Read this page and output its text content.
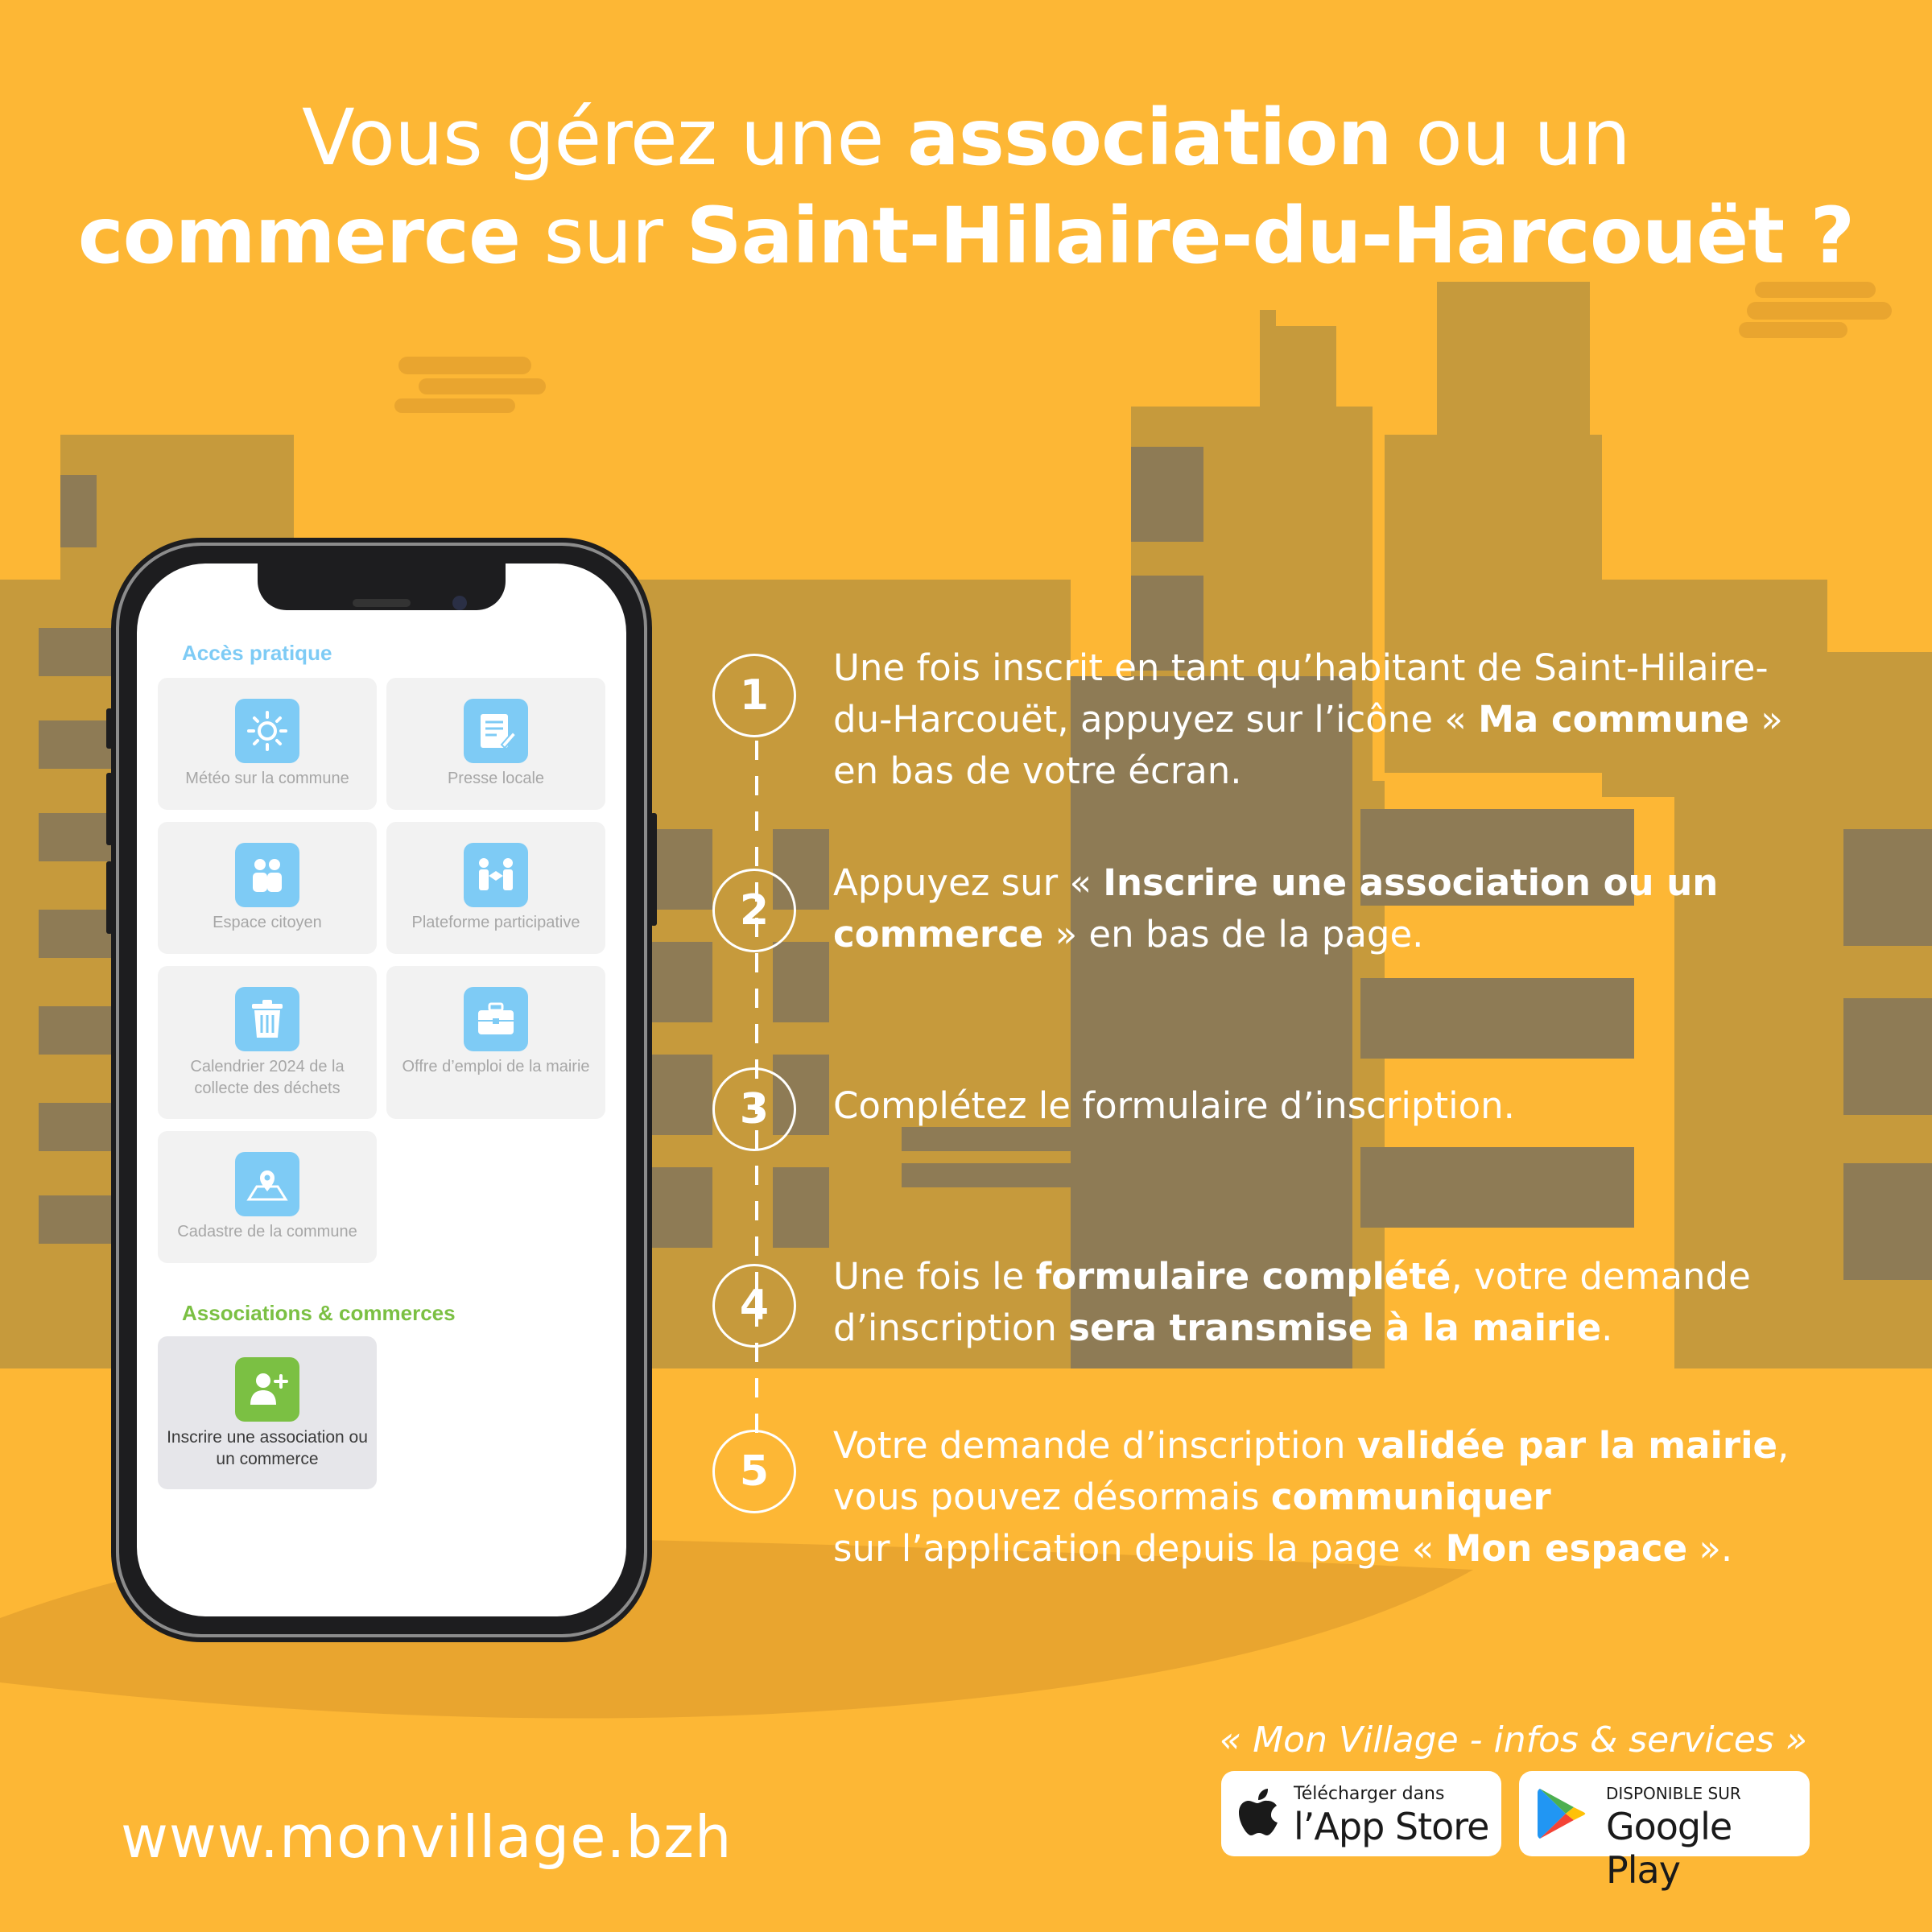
Vous gérez une association ou un
commerce sur Saint-Hilaire-du-Harcouët ?
Accès pratique
Météo sur la commune	Presse locale
Espace citoyen	Plateforme participative
Calendrier 2024 de la collecte des déchets
Offre d’emploi de la mairie
Cadastre de la commune
Associations & commerces
Inscrire une association ou un commerce
1
Une fois inscrit en tant qu’habitant de Saint-Hilaire-
du-Harcouët, appuyez sur l’icône « Ma commune »
en bas de votre écran.
2
Appuyez sur « Inscrire une association ou un
commerce » en bas de la page.
3	Complétez le formulaire d’inscription.
4
Une fois le formulaire complété, votre demande
d’inscription sera transmise à la mairie.
5
Votre demande d’inscription validée par la mairie,
vous pouvez désormais communiquer
sur l’application depuis la page « Mon espace ».
« Mon Village - infos & services »
Télécharger dans
l’App Store
DISPONIBLE SUR
Google Play
www.monvillage.bzh
